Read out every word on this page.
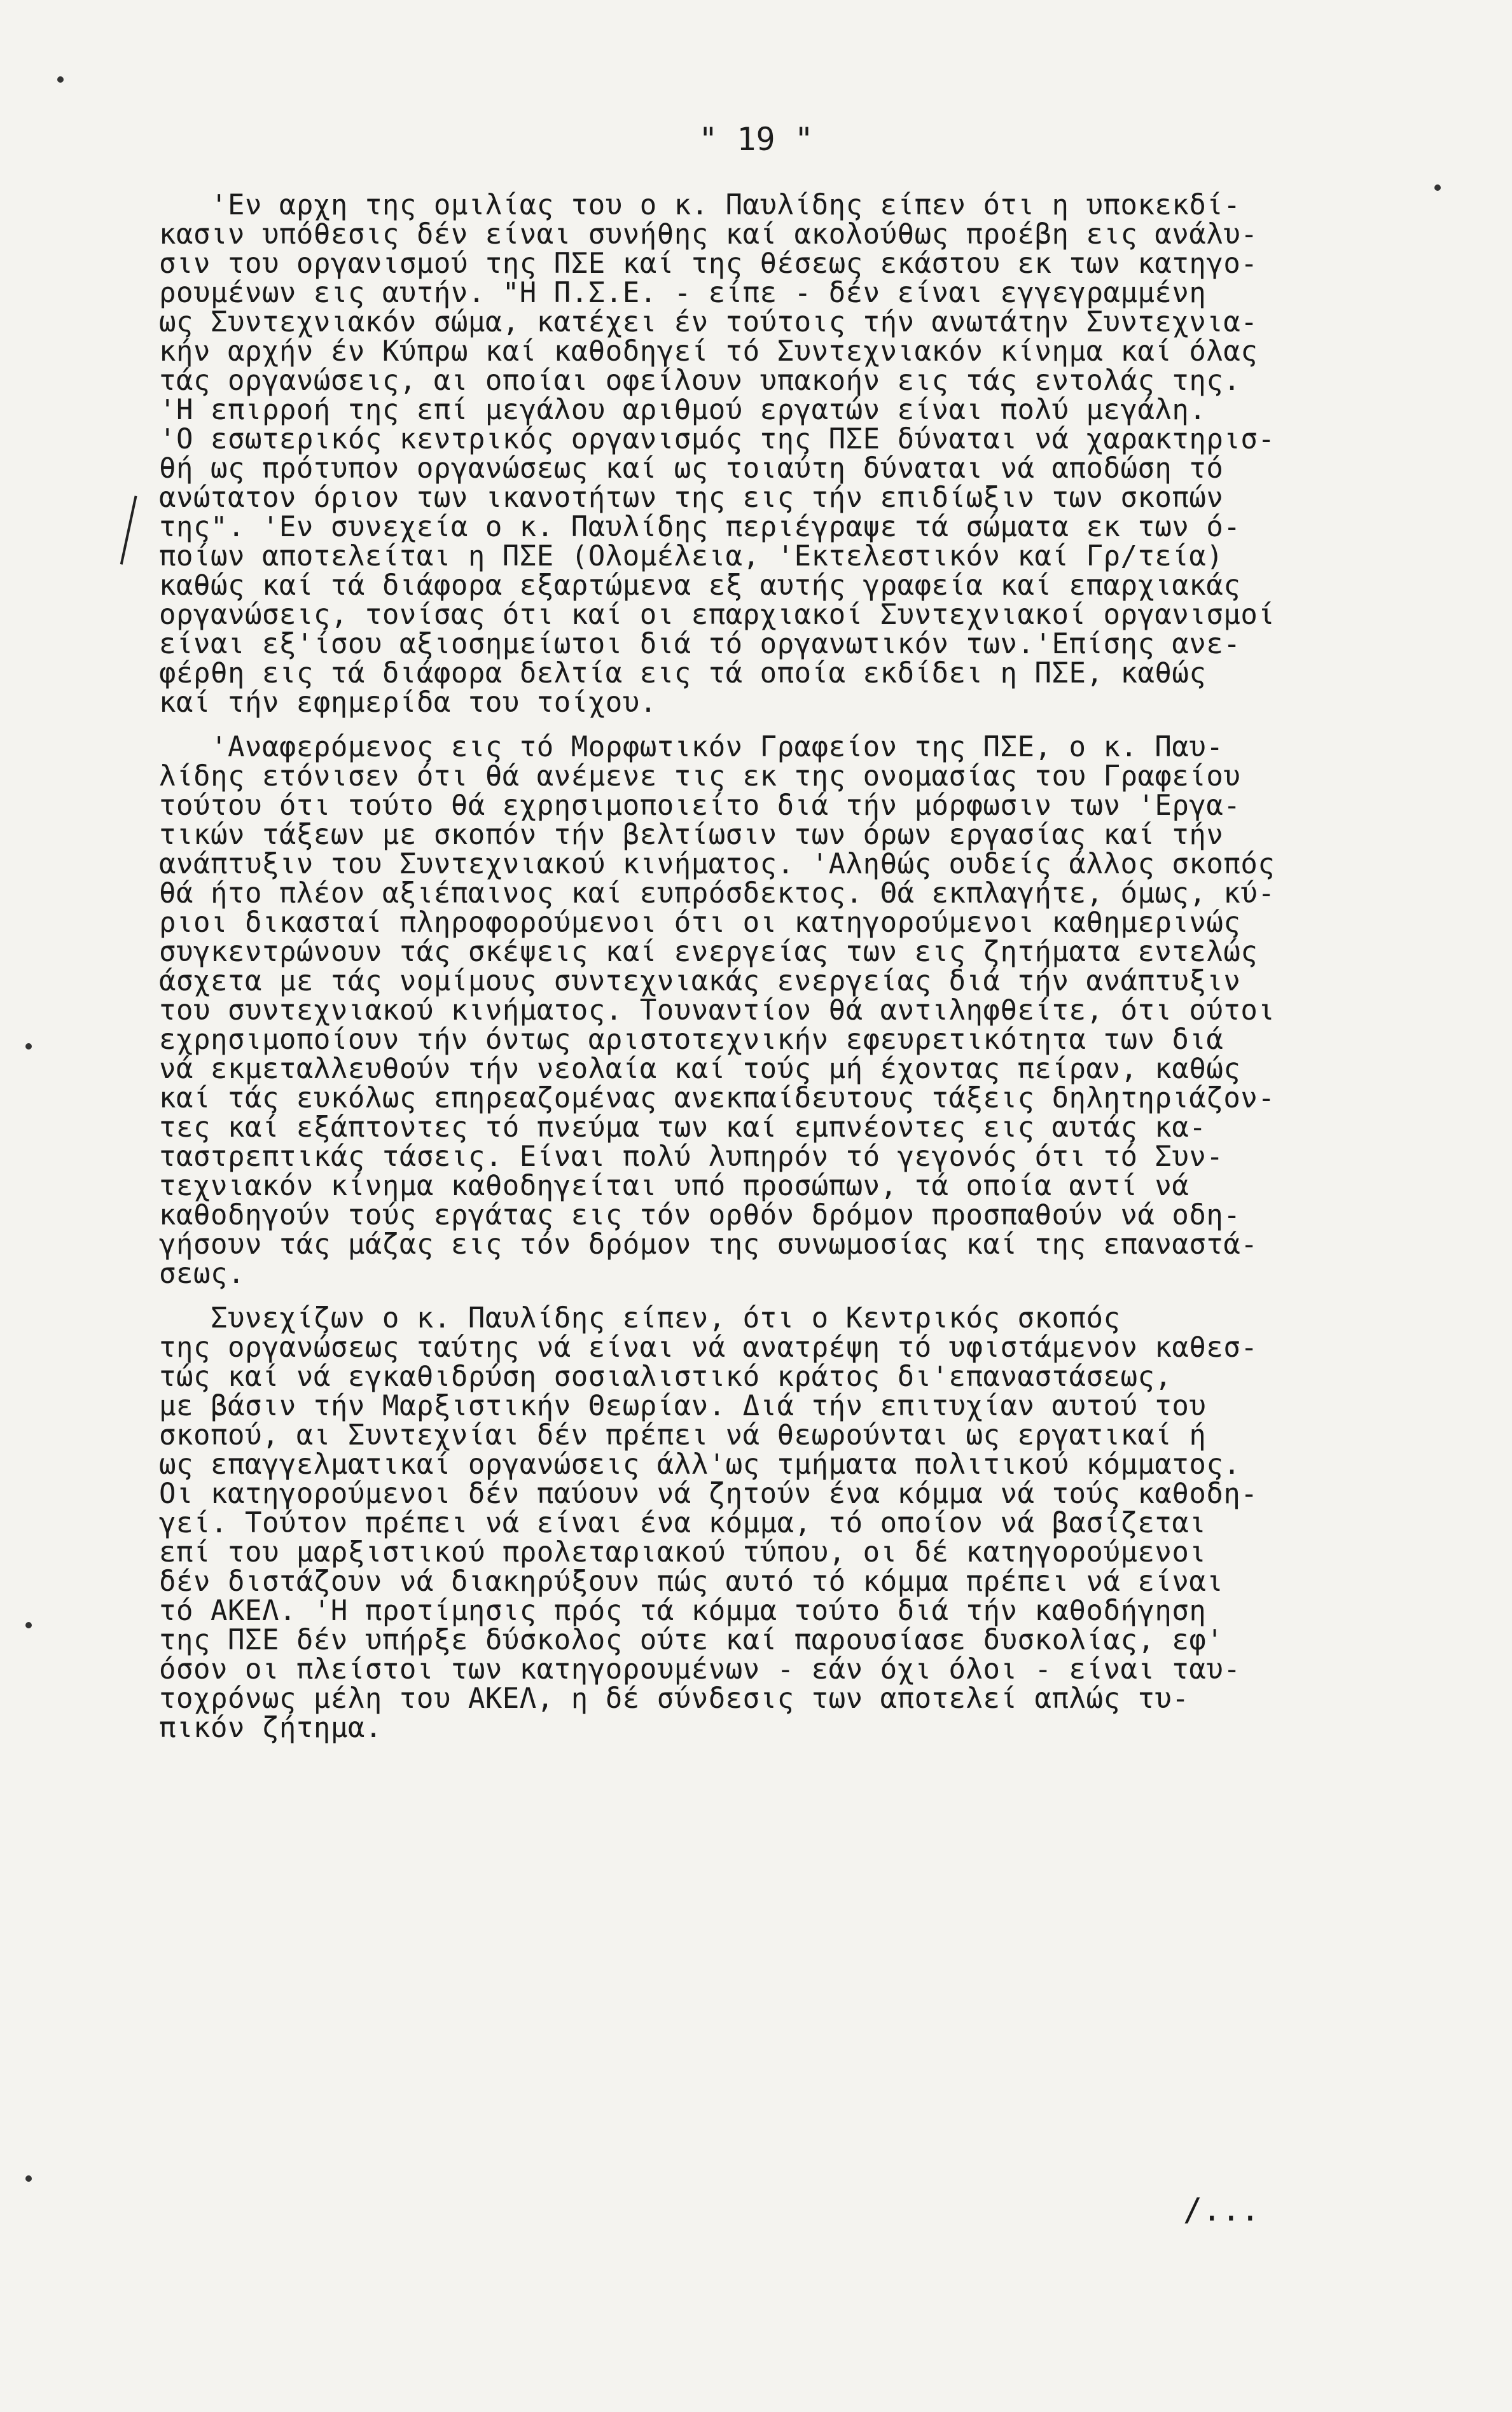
" 19 "
'Εν αρχη της ομιλίας του ο κ. Παυλίδης είπεν ότι η υποκεκδί-
κασιν υπόθεσις δέν είναι συνήθης καί ακολούθως προέβη εις ανάλυ-
σιν του οργανισμού της ΠΣΕ καί της θέσεως εκάστου εκ των κατηγο-
ρουμένων εις αυτήν. "Η Π.Σ.Ε. - είπε - δέν είναι εγγεγραμμένη
ως Συντεχνιακόν σώμα, κατέχει έν τούτοις τήν ανωτάτην Συντεχνια-
κήν αρχήν έν Κύπρω καί καθοδηγεί τό Συντεχνιακόν κίνημα καί όλας
τάς οργανώσεις, αι οποίαι οφείλουν υπακοήν εις τάς εντολάς της.
'Η επιρροή της επί μεγάλου αριθμού εργατών είναι πολύ μεγάλη.
'Ο εσωτερικός κεντρικός οργανισμός της ΠΣΕ δύναται νά χαρακτηρισ-
θή ως πρότυπον οργανώσεως καί ως τοιαύτη δύναται νά αποδώση τό
ανώτατον όριον των ικανοτήτων της εις τήν επιδίωξιν των σκοπών
της". 'Εν συνεχεία ο κ. Παυλίδης περιέγραψε τά σώματα εκ των ό-
ποίων αποτελείται η ΠΣΕ (Ολομέλεια, 'Εκτελεστικόν καί Γρ/τεία)
καθώς καί τά διάφορα εξαρτώμενα εξ αυτής γραφεία καί επαρχιακάς
οργανώσεις, τονίσας ότι καί οι επαρχιακοί Συντεχνιακοί οργανισμοί
είναι εξ'ίσου αξιοσημείωτοι διά τό οργανωτικόν των.'Επίσης ανε-
φέρθη εις τά διάφορα δελτία εις τά οποία εκδίδει η ΠΣΕ, καθώς
καί τήν εφημερίδα του τοίχου.
'Αναφερόμενος εις τό Μορφωτικόν Γραφείον της ΠΣΕ, ο κ. Παυ-
λίδης ετόνισεν ότι θά ανέμενε τις εκ της ονομασίας του Γραφείου
τούτου ότι τούτο θά εχρησιμοποιείτο διά τήν μόρφωσιν των 'Εργα-
τικών τάξεων με σκοπόν τήν βελτίωσιν των όρων εργασίας καί τήν
ανάπτυξιν του Συντεχνιακού κινήματος. 'Αληθώς ουδείς άλλος σκοπός
θά ήτο πλέον αξιέπαινος καί ευπρόσδεκτος. Θά εκπλαγήτε, όμως, κύ-
ριοι δικασταί πληροφορούμενοι ότι οι κατηγορούμενοι καθημερινώς
συγκεντρώνουν τάς σκέψεις καί ενεργείας των εις ζητήματα εντελώς
άσχετα με τάς νομίμους συντεχνιακάς ενεργείας διά τήν ανάπτυξιν
του συντεχνιακού κινήματος. Τουναντίον θά αντιληφθείτε, ότι ούτοι
εχρησιμοποίουν τήν όντως αριστοτεχνικήν εφευρετικότητα των διά
νά εκμεταλλευθούν τήν νεολαία καί τούς μή έχοντας πείραν, καθώς
καί τάς ευκόλως επηρεαζομένας ανεκπαίδευτους τάξεις δηλητηριάζον-
τες καί εξάπτοντες τό πνεύμα των καί εμπνέοντες εις αυτάς κα-
ταστρεπτικάς τάσεις. Είναι πολύ λυπηρόν τό γεγονός ότι τό Συν-
τεχνιακόν κίνημα καθοδηγείται υπό προσώπων, τά οποία αντί νά
καθοδηγούν τούς εργάτας εις τόν ορθόν δρόμον προσπαθούν νά οδη-
γήσουν τάς μάζας εις τόν δρόμον της συνωμοσίας καί της επαναστά-
σεως.
Συνεχίζων ο κ. Παυλίδης είπεν, ότι ο Κεντρικός σκοπός
της οργανώσεως ταύτης νά είναι νά ανατρέψη τό υφιστάμενον καθεσ-
τώς καί νά εγκαθιδρύση σοσιαλιστικό κράτος δι'επαναστάσεως,
με βάσιν τήν Μαρξιστικήν Θεωρίαν. Διά τήν επιτυχίαν αυτού του
σκοπού, αι Συντεχνίαι δέν πρέπει νά θεωρούνται ως εργατικαί ή
ως επαγγελματικαί οργανώσεις άλλ'ως τμήματα πολιτικού κόμματος.
Οι κατηγορούμενοι δέν παύουν νά ζητούν ένα κόμμα νά τούς καθοδη-
γεί. Τούτον πρέπει νά είναι ένα κόμμα, τό οποίον νά βασίζεται
επί του μαρξιστικού προλεταριακού τύπου, οι δέ κατηγορούμενοι
δέν διστάζουν νά διακηρύξουν πώς αυτό τό κόμμα πρέπει νά είναι
τό ΑΚΕΛ. 'Η προτίμησις πρός τά κόμμα τούτο διά τήν καθοδήγηση
της ΠΣΕ δέν υπήρξε δύσκολος ούτε καί παρουσίασε δυσκολίας, εφ'
όσον οι πλείστοι των κατηγορουμένων - εάν όχι όλοι - είναι ταυ-
τοχρόνως μέλη του ΑΚΕΛ, η δέ σύνδεσις των αποτελεί απλώς τυ-
πικόν ζήτημα.
/...
